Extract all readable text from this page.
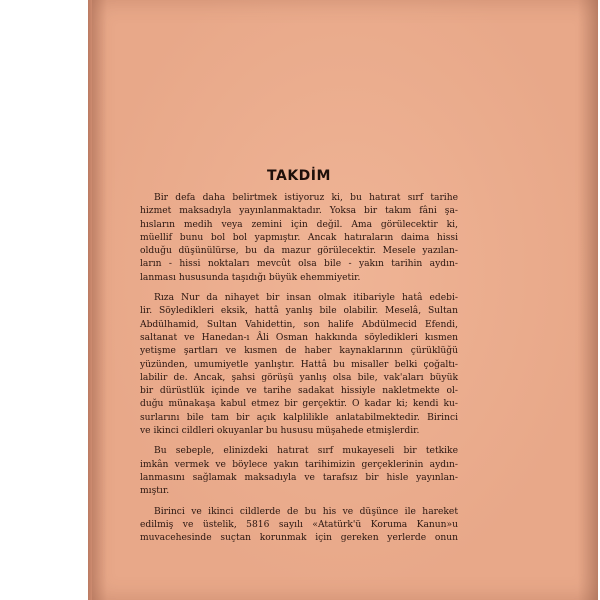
TAKDİM
Bir defa daha belirtmek istiyoruz ki, bu hatırat sırf tarihe
hizmet maksadıyla yayınlanmaktadır. Yoksa bir takım fâni şa-
hısların medih veya zemini için değil. Ama görülecektir ki,
müellif bunu bol bol yapmıştır. Ancak hatıraların daima hissi
olduğu düşünülürse, bu da mazur görülecektir. Mesele yazılan-
ların - hissi noktaları mevcût olsa bile - yakın tarihin aydın-
lanması hususunda taşıdığı büyük ehemmiyetir.
Rıza Nur da nihayet bir insan olmak itibariyle hatâ edebi-
lir. Söyledikleri eksik, hattâ yanlış bile olabilir. Meselâ, Sultan
Abdülhamid, Sultan Vahidettin, son halife Abdülmecid Efendi,
saltanat ve Hanedan-ı Âli Osman hakkında söyledikleri kısmen
yetişme şartları ve kısmen de haber kaynaklarının çürüklüğü
yüzünden, umumiyetle yanlıştır. Hattâ bu misaller belki çoğaltı-
labilir de. Ancak, şahsi görüşü yanlış olsa bile, vak'aları büyük
bir dürüstlük içinde ve tarihe sadakat hissiyle nakletmekte ol-
duğu münakaşa kabul etmez bir gerçektir. O kadar ki; kendi ku-
surlarını bile tam bir açık kalplilikle anlatabilmektedir. Birinci
ve ikinci cildleri okuyanlar bu hususu müşahede etmişlerdir.
Bu sebeple, elinizdeki hatırat sırf mukayeseli bir tetkike
imkân vermek ve böylece yakın tarihimizin gerçeklerinin aydın-
lanmasını sağlamak maksadıyla ve tarafsız bir hisle yayınlan-
mıştır.
Birinci ve ikinci cildlerde de bu his ve düşünce ile hareket
edilmiş ve üstelik, 5816 sayılı «Atatürk'ü Koruma Kanun»u
muvacehesinde suçtan korunmak için gereken yerlerde onun
